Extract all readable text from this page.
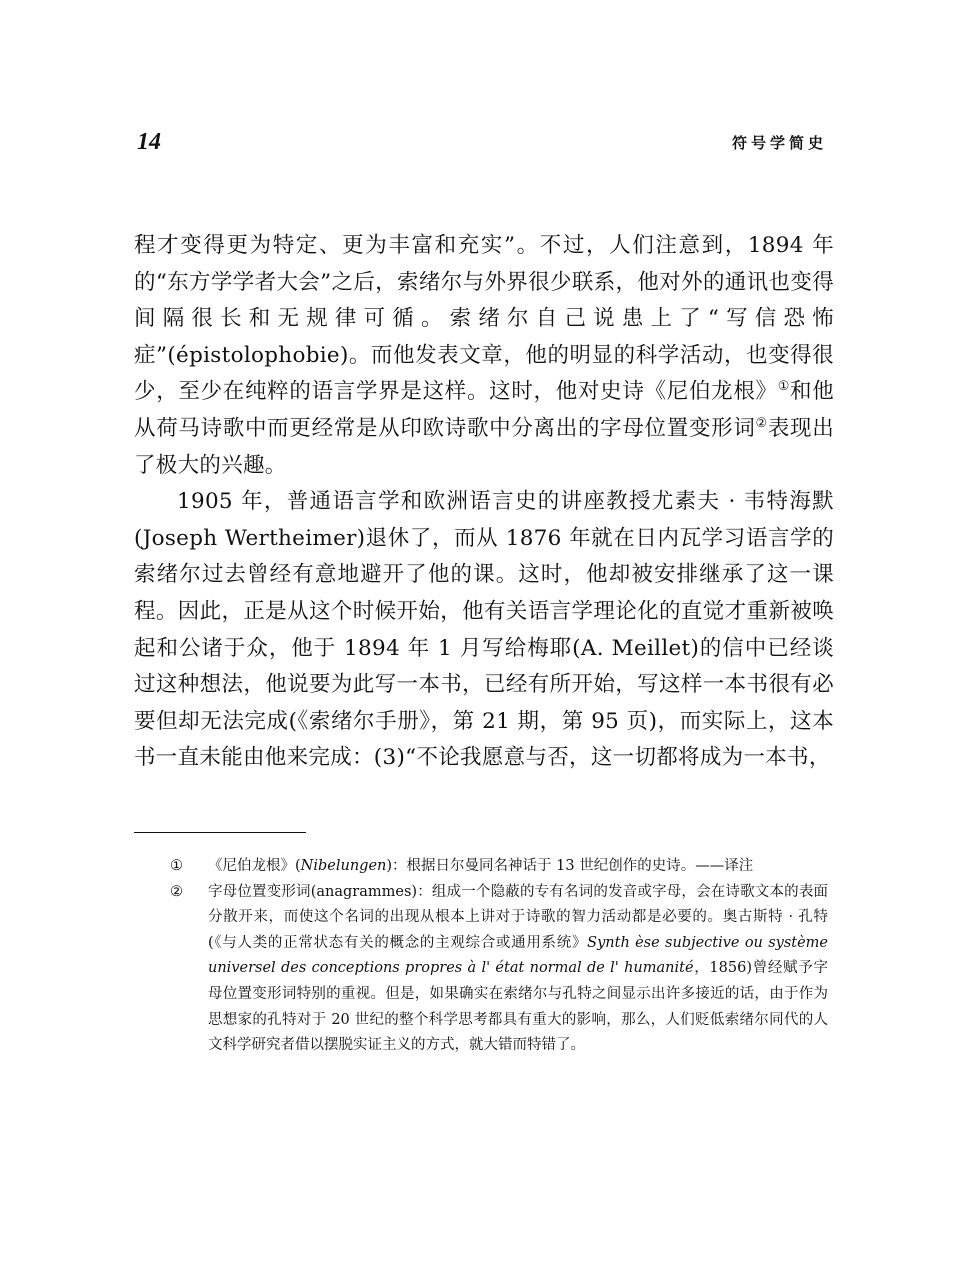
14	符号学简史

程才变得更为特定、更为丰富和充实”。不过，人们注意到，1894 年的“东方学学者大会”之后，索绪尔与外界很少联系，他对外的通讯也变得间隔很长和无规律可循。索绪尔自己说患上了“写信恐怖症”(épistolophobie)。而他发表文章，他的明显的科学活动，也变得很少，至少在纯粹的语言学界是这样。这时，他对史诗《尼伯龙根》①和他从荷马诗歌中而更经常是从印欧诗歌中分离出的字母位置变形词②表现出了极大的兴趣。

1905 年，普通语言学和欧洲语言史的讲座教授尤素夫 · 韦特海默(Joseph Wertheimer)退休了，而从 1876 年就在日内瓦学习语言学的索绪尔过去曾经有意地避开了他的课。这时，他却被安排继承了这一课程。因此，正是从这个时候开始，他有关语言学理论化的直觉才重新被唤起和公诸于众，他于 1894 年 1 月写给梅耶(A. Meillet)的信中已经谈过这种想法，他说要为此写一本书，已经有所开始，写这样一本书很有必要但却无法完成(《索绪尔手册》，第 21 期，第 95 页)，而实际上，这本书一直未能由他来完成：(3)“不论我愿意与否，这一切都将成为一本书，

①	《尼伯龙根》(Nibelungen)：根据日尔曼同名神话于 13 世纪创作的史诗。——译注
②	字母位置变形词(anagrammes)：组成一个隐蔽的专有名词的发音或字母，会在诗歌文本的表面分散开来，而使这个名词的出现从根本上讲对于诗歌的智力活动都是必要的。奥古斯特 · 孔特(《与人类的正常状态有关的概念的主观综合或通用系统》Synth èse subjective ou système universel des conceptions propres à l' état normal de l' humanité，1856)曾经赋予字母位置变形词特别的重视。但是，如果确实在索绪尔与孔特之间显示出许多接近的话，由于作为思想家的孔特对于 20 世纪的整个科学思考都具有重大的影响，那么，人们贬低索绪尔同代的人文科学研究者借以摆脱实证主义的方式，就大错而特错了。
